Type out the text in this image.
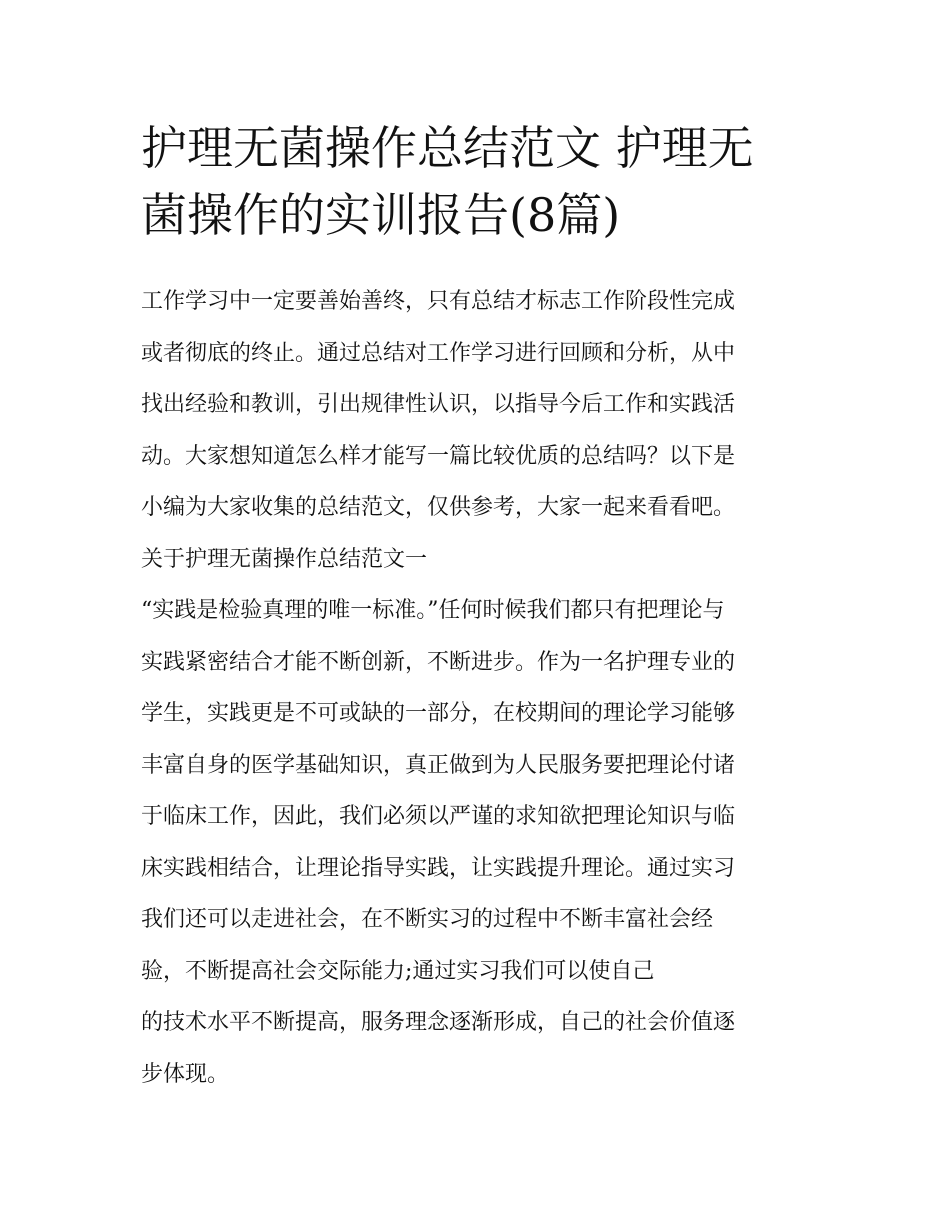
护理无菌操作总结范文 护理无
菌操作的实训报告(8篇)
工作学习中一定要善始善终，只有总结才标志工作阶段性完成
或者彻底的终止。通过总结对工作学习进行回顾和分析，从中
找出经验和教训，引出规律性认识，以指导今后工作和实践活
动。大家想知道怎么样才能写一篇比较优质的总结吗？以下是
小编为大家收集的总结范文，仅供参考，大家一起来看看吧。
关于护理无菌操作总结范文一
“实践是检验真理的唯一标准。”任何时候我们都只有把理论与
实践紧密结合才能不断创新，不断进步。作为一名护理专业的
学生，实践更是不可或缺的一部分，在校期间的理论学习能够
丰富自身的医学基础知识，真正做到为人民服务要把理论付诸
于临床工作，因此，我们必须以严谨的求知欲把理论知识与临
床实践相结合，让理论指导实践，让实践提升理论。通过实习
我们还可以走进社会，在不断实习的过程中不断丰富社会经
验，不断提高社会交际能力;通过实习我们可以使自己
的技术水平不断提高，服务理念逐渐形成，自己的社会价值逐
步体现。
